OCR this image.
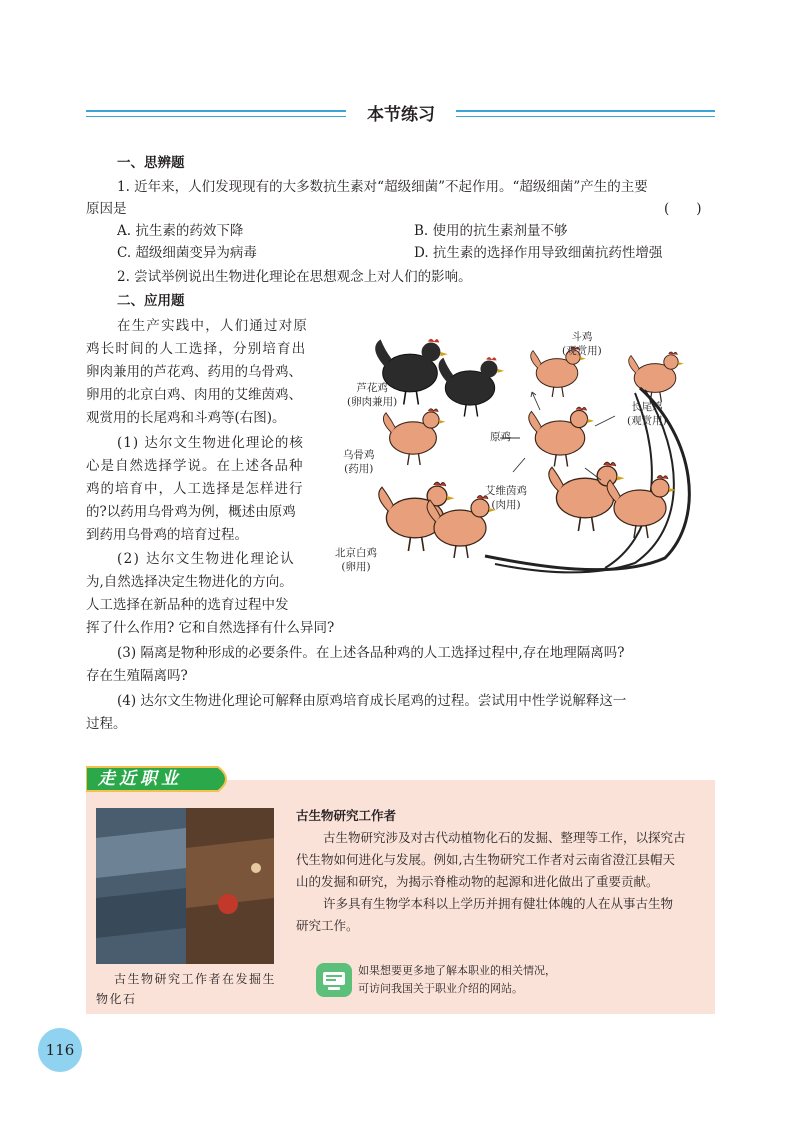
本节练习
一、思辨题
1. 近年来，人们发现现有的大多数抗生素对“超级细菌”不起作用。“超级细菌”产生的主要
原因是	(　　)
A. 抗生素的药效下降	B. 使用的抗生素剂量不够
C. 超级细菌变异为病毒	D. 抗生素的选择作用导致细菌抗药性增强
2. 尝试举例说出生物进化理论在思想观念上对人们的影响。
二、应用题
在生产实践中，人们通过对原
鸡长时间的人工选择，分别培育出
卵肉兼用的芦花鸡、药用的乌骨鸡、
卵用的北京白鸡、肉用的艾维茵鸡、
观赏用的长尾鸡和斗鸡等(右图)。
(1) 达尔文生物进化理论的核
心是自然选择学说。在上述各品种
鸡的培育中，人工选择是怎样进行
的?以药用乌骨鸡为例，概述由原鸡
到药用乌骨鸡的培育过程。
(2) 达尔文生物进化理论认
为,自然选择决定生物进化的方向。
人工选择在新品种的选育过程中发
挥了什么作用? 它和自然选择有什么异同?
(3) 隔离是物种形成的必要条件。在上述各品种鸡的人工选择过程中,存在地理隔离吗?
存在生殖隔离吗?
(4) 达尔文生物进化理论可解释由原鸡培育成长尾鸡的过程。尝试用中性学说解释这一
过程。
芦花鸡
(卵肉兼用)
乌骨鸡
(药用)
北京白鸡
(卵用)
原鸡
斗鸡
(观赏用)
长尾鸡
(观赏用)
艾维茵鸡
(肉用)
走近职业
古生物研究工作者在发掘生
物化石
古生物研究工作者
古生物研究涉及对古代动植物化石的发掘、整理等工作，以探究古
代生物如何进化与发展。例如,古生物研究工作者对云南省澄江县帽天
山的发掘和研究，为揭示脊椎动物的起源和进化做出了重要贡献。
许多具有生物学本科以上学历并拥有健壮体魄的人在从事古生物
研究工作。
如果想要更多地了解本职业的相关情况，
可访问我国关于职业介绍的网站。
116
